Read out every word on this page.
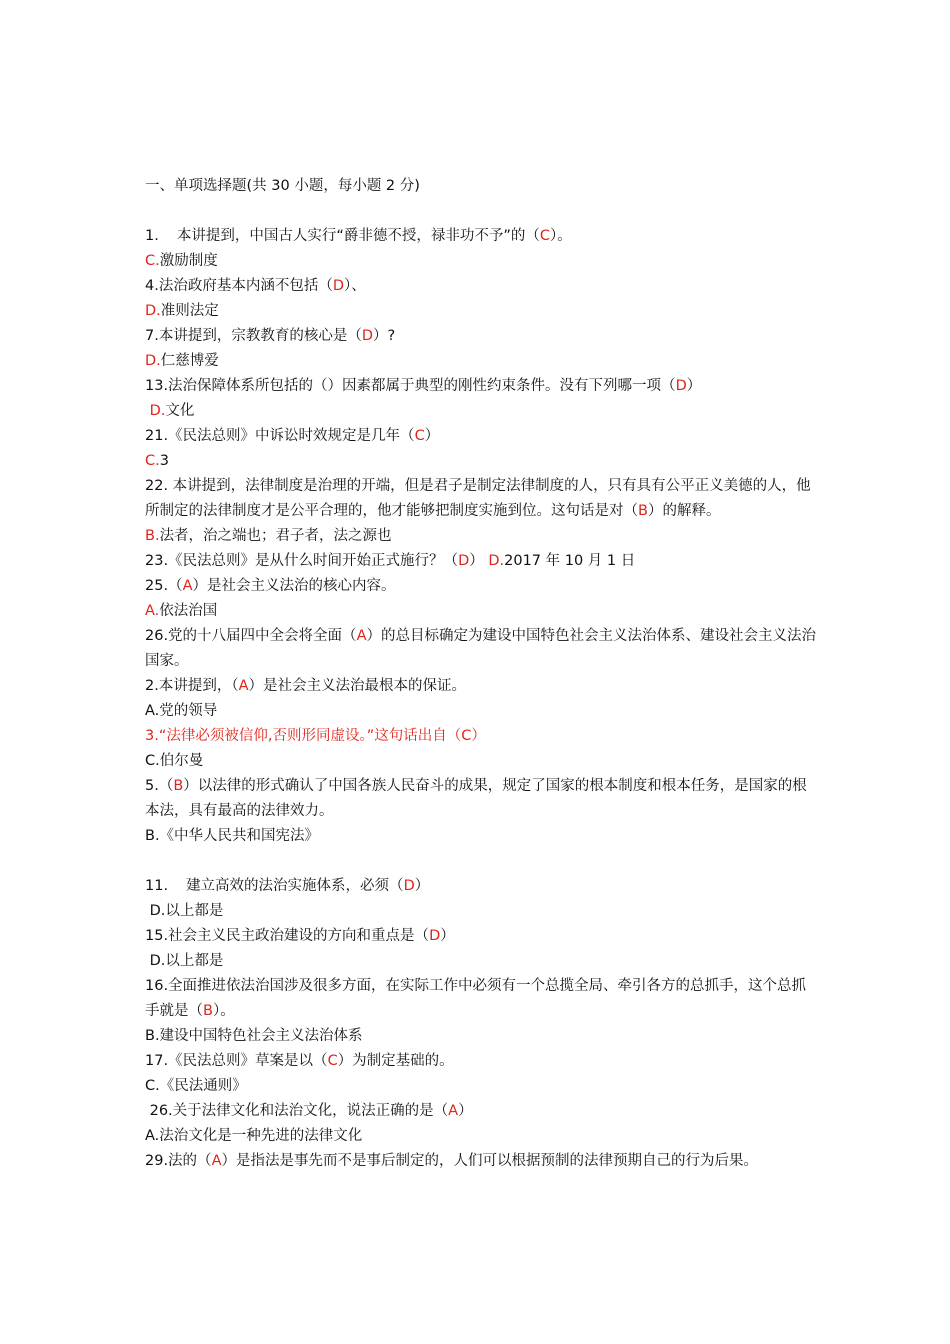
一、单项选择题(共 30 小题，每小题 2 分)
1. 本讲提到，中国古人实行“爵非德不授，禄非功不予”的（C）。
C.激励制度
4.法治政府基本内涵不包括（D）、
D.准则法定
7.本讲提到，宗教教育的核心是（D）?
D.仁慈博爱
13.法治保障体系所包括的（）因素都属于典型的刚性约束条件。没有下列哪一项（D）
D.文化
21.《民法总则》中诉讼时效规定是几年（C）
C.3
22. 本讲提到，法律制度是治理的开端，但是君子是制定法律制度的人，只有具有公平正义美德的人，他所制定的法律制度才是公平合理的，他才能够把制度实施到位。这句话是对（B）的解释。
B.法者，治之端也；君子者，法之源也
23.《民法总则》是从什么时间开始正式施行？（D） D.2017 年 10 月 1 日
25.（A）是社会主义法治的核心内容。
A.依法治国
26.党的十八届四中全会将全面（A）的总目标确定为建设中国特色社会主义法治体系、建设社会主义法治国家。
2.本讲提到，（A）是社会主义法治最根本的保证。
A.党的领导
3.“法律必须被信仰,否则形同虚设。”这句话出自（C）
C.伯尔曼
5.（B）以法律的形式确认了中国各族人民奋斗的成果，规定了国家的根本制度和根本任务，是国家的根本法，具有最高的法律效力。
B.《中华人民共和国宪法》
11. 建立高效的法治实施体系，必须（D）
D.以上都是
15.社会主义民主政治建设的方向和重点是（D）
D.以上都是
16.全面推进依法治国涉及很多方面，在实际工作中必须有一个总揽全局、牵引各方的总抓手，这个总抓手就是（B）。
B.建设中国特色社会主义法治体系
17.《民法总则》草案是以（C）为制定基础的。
C.《民法通则》
26.关于法律文化和法治文化，说法正确的是（A）
A.法治文化是一种先进的法律文化
29.法的（A）是指法是事先而不是事后制定的，人们可以根据预制的法律预期自己的行为后果。
